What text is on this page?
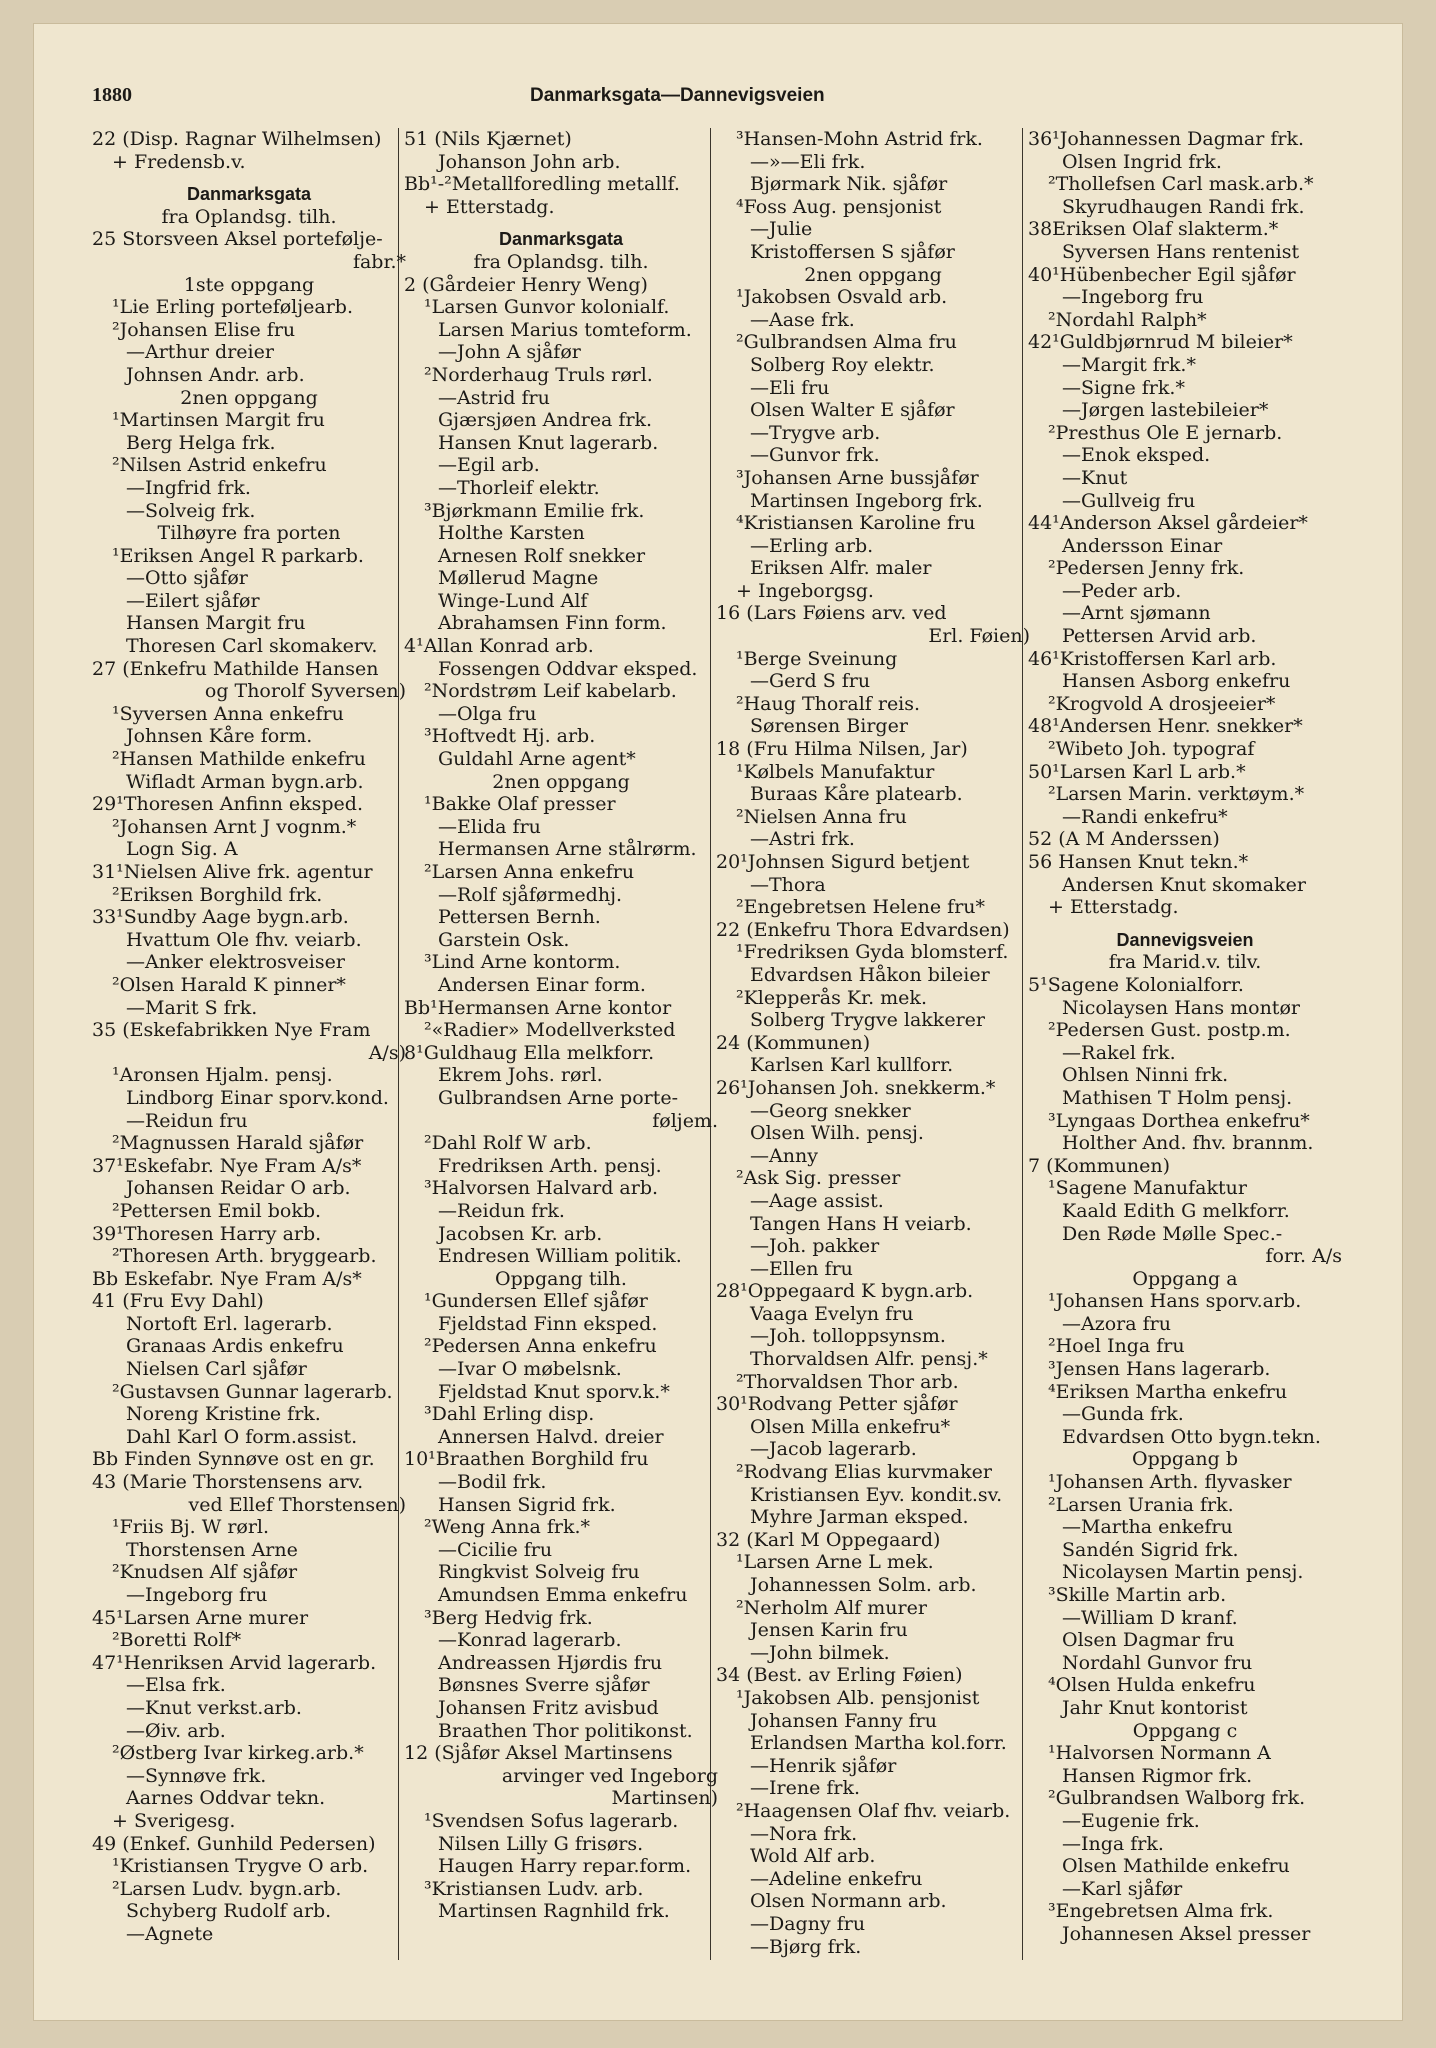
1880	Danmarksgata—Dannevigsveien
22 (Disp. Ragnar Wilhelmsen)
+ Fredensb.v.
Danmarksgata
fra Oplandsg. tilh.
25 Storsveen Aksel portefølje-
fabr.*
1ste oppgang
¹Lie Erling porteføljearb.
²Johansen Elise fru
—Arthur dreier
Johnsen Andr. arb.
2nen oppgang
¹Martinsen Margit fru
Berg Helga frk.
²Nilsen Astrid enkefru
—Ingfrid frk.
—Solveig frk.
Tilhøyre fra porten
¹Eriksen Angel R parkarb.
—Otto sjåfør
—Eilert sjåfør
Hansen Margit fru
Thoresen Carl skomakerv.
27 (Enkefru Mathilde Hansen
og Thorolf Syversen)
¹Syversen Anna enkefru
Johnsen Kåre form.
²Hansen Mathilde enkefru
Wifladt Arman bygn.arb.
29¹Thoresen Anfinn eksped.
²Johansen Arnt J vognm.*
Logn Sig. A
31¹Nielsen Alive frk. agentur
²Eriksen Borghild frk.
33¹Sundby Aage bygn.arb.
Hvattum Ole fhv. veiarb.
—Anker elektrosveiser
²Olsen Harald K pinner*
—Marit S frk.
35 (Eskefabrikken Nye Fram
A/s)
¹Aronsen Hjalm. pensj.
Lindborg Einar sporv.kond.
—Reidun fru
²Magnussen Harald sjåfør
37¹Eskefabr. Nye Fram A/s*
Johansen Reidar O arb.
²Pettersen Emil bokb.
39¹Thoresen Harry arb.
²Thoresen Arth. bryggearb.
Bb Eskefabr. Nye Fram A/s*
41 (Fru Evy Dahl)
Nortoft Erl. lagerarb.
Granaas Ardis enkefru
Nielsen Carl sjåfør
²Gustavsen Gunnar lagerarb.
Noreng Kristine frk.
Dahl Karl O form.assist.
Bb Finden Synnøve ost en gr.
43 (Marie Thorstensens arv.
ved Ellef Thorstensen)
¹Friis Bj. W rørl.
Thorstensen Arne
²Knudsen Alf sjåfør
—Ingeborg fru
45¹Larsen Arne murer
²Boretti Rolf*
47¹Henriksen Arvid lagerarb.
—Elsa frk.
—Knut verkst.arb.
—Øiv. arb.
²Østberg Ivar kirkeg.arb.*
—Synnøve frk.
Aarnes Oddvar tekn.
+ Sverigesg.
49 (Enkef. Gunhild Pedersen)
¹Kristiansen Trygve O arb.
²Larsen Ludv. bygn.arb.
Schyberg Rudolf arb.
—Agnete
51 (Nils Kjærnet)
Johanson John arb.
Bb¹-²Metallforedling metallf.
+ Etterstadg.
Danmarksgata
fra Oplandsg. tilh.
2 (Gårdeier Henry Weng)
¹Larsen Gunvor kolonialf.
Larsen Marius tomteform.
—John A sjåfør
²Norderhaug Truls rørl.
—Astrid fru
Gjærsjøen Andrea frk.
Hansen Knut lagerarb.
—Egil arb.
—Thorleif elektr.
³Bjørkmann Emilie frk.
Holthe Karsten
Arnesen Rolf snekker
Møllerud Magne
Winge-Lund Alf
Abrahamsen Finn form.
4¹Allan Konrad arb.
Fossengen Oddvar eksped.
²Nordstrøm Leif kabelarb.
—Olga fru
³Hoftvedt Hj. arb.
Guldahl Arne agent*
2nen oppgang
¹Bakke Olaf presser
—Elida fru
Hermansen Arne stålrørm.
²Larsen Anna enkefru
—Rolf sjåførmedhj.
Pettersen Bernh.
Garstein Osk.
³Lind Arne kontorm.
Andersen Einar form.
Bb¹Hermansen Arne kontor
²«Radier» Modellverksted
8¹Guldhaug Ella melkforr.
Ekrem Johs. rørl.
Gulbrandsen Arne porte-
føljem.
²Dahl Rolf W arb.
Fredriksen Arth. pensj.
³Halvorsen Halvard arb.
—Reidun frk.
Jacobsen Kr. arb.
Endresen William politik.
Oppgang tilh.
¹Gundersen Ellef sjåfør
Fjeldstad Finn eksped.
²Pedersen Anna enkefru
—Ivar O møbelsnk.
Fjeldstad Knut sporv.k.*
³Dahl Erling disp.
Annersen Halvd. dreier
10¹Braathen Borghild fru
—Bodil frk.
Hansen Sigrid frk.
²Weng Anna frk.*
—Cicilie fru
Ringkvist Solveig fru
Amundsen Emma enkefru
³Berg Hedvig frk.
—Konrad lagerarb.
Andreassen Hjørdis fru
Bønsnes Sverre sjåfør
Johansen Fritz avisbud
Braathen Thor politikonst.
12 (Sjåfør Aksel Martinsens
arvinger ved Ingeborg
Martinsen)
¹Svendsen Sofus lagerarb.
Nilsen Lilly G frisørs.
Haugen Harry repar.form.
³Kristiansen Ludv. arb.
Martinsen Ragnhild frk.
³Hansen-Mohn Astrid frk.
—»—Eli frk.
Bjørmark Nik. sjåfør
⁴Foss Aug. pensjonist
—Julie
Kristoffersen S sjåfør
2nen oppgang
¹Jakobsen Osvald arb.
—Aase frk.
²Gulbrandsen Alma fru
Solberg Roy elektr.
—Eli fru
Olsen Walter E sjåfør
—Trygve arb.
—Gunvor frk.
³Johansen Arne bussjåfør
Martinsen Ingeborg frk.
⁴Kristiansen Karoline fru
—Erling arb.
Eriksen Alfr. maler
+ Ingeborgsg.
16 (Lars Føiens arv. ved
Erl. Føien)
¹Berge Sveinung
—Gerd S fru
²Haug Thoralf reis.
Sørensen Birger
18 (Fru Hilma Nilsen, Jar)
¹Kølbels Manufaktur
Buraas Kåre platearb.
²Nielsen Anna fru
—Astri frk.
20¹Johnsen Sigurd betjent
—Thora
²Engebretsen Helene fru*
22 (Enkefru Thora Edvardsen)
¹Fredriksen Gyda blomsterf.
Edvardsen Håkon bileier
²Klepperås Kr. mek.
Solberg Trygve lakkerer
24 (Kommunen)
Karlsen Karl kullforr.
26¹Johansen Joh. snekkerm.*
—Georg snekker
Olsen Wilh. pensj.
—Anny
²Ask Sig. presser
—Aage assist.
Tangen Hans H veiarb.
—Joh. pakker
—Ellen fru
28¹Oppegaard K bygn.arb.
Vaaga Evelyn fru
—Joh. tolloppsynsm.
Thorvaldsen Alfr. pensj.*
²Thorvaldsen Thor arb.
30¹Rodvang Petter sjåfør
Olsen Milla enkefru*
—Jacob lagerarb.
²Rodvang Elias kurvmaker
Kristiansen Eyv. kondit.sv.
Myhre Jarman eksped.
32 (Karl M Oppegaard)
¹Larsen Arne L mek.
Johannessen Solm. arb.
²Nerholm Alf murer
Jensen Karin fru
—John bilmek.
34 (Best. av Erling Føien)
¹Jakobsen Alb. pensjonist
Johansen Fanny fru
Erlandsen Martha kol.forr.
—Henrik sjåfør
—Irene frk.
²Haagensen Olaf fhv. veiarb.
—Nora frk.
Wold Alf arb.
—Adeline enkefru
Olsen Normann arb.
—Dagny fru
—Bjørg frk.
36¹Johannessen Dagmar frk.
Olsen Ingrid frk.
²Thollefsen Carl mask.arb.*
Skyrudhaugen Randi frk.
38Eriksen Olaf slakterm.*
Syversen Hans rentenist
40¹Hübenbecher Egil sjåfør
—Ingeborg fru
²Nordahl Ralph*
42¹Guldbjørnrud M bileier*
—Margit frk.*
—Signe frk.*
—Jørgen lastebileier*
²Presthus Ole E jernarb.
—Enok eksped.
—Knut
—Gullveig fru
44¹Anderson Aksel gårdeier*
Andersson Einar
²Pedersen Jenny frk.
—Peder arb.
—Arnt sjømann
Pettersen Arvid arb.
46¹Kristoffersen Karl arb.
Hansen Asborg enkefru
²Krogvold A drosjeeier*
48¹Andersen Henr. snekker*
²Wibeto Joh. typograf
50¹Larsen Karl L arb.*
²Larsen Marin. verktøym.*
—Randi enkefru*
52 (A M Anderssen)
56 Hansen Knut tekn.*
Andersen Knut skomaker
+ Etterstadg.
Dannevigsveien
fra Marid.v. tilv.
5¹Sagene Kolonialforr.
Nicolaysen Hans montør
²Pedersen Gust. postp.m.
—Rakel frk.
Ohlsen Ninni frk.
Mathisen T Holm pensj.
³Lyngaas Dorthea enkefru*
Holther And. fhv. brannm.
7 (Kommunen)
¹Sagene Manufaktur
Kaald Edith G melkforr.
Den Røde Mølle Spec.-
forr. A/s
Oppgang a
¹Johansen Hans sporv.arb.
—Azora fru
²Hoel Inga fru
³Jensen Hans lagerarb.
⁴Eriksen Martha enkefru
—Gunda frk.
Edvardsen Otto bygn.tekn.
Oppgang b
¹Johansen Arth. flyvasker
²Larsen Urania frk.
—Martha enkefru
Sandén Sigrid frk.
Nicolaysen Martin pensj.
³Skille Martin arb.
—William D kranf.
Olsen Dagmar fru
Nordahl Gunvor fru
⁴Olsen Hulda enkefru
Jahr Knut kontorist
Oppgang c
¹Halvorsen Normann A
Hansen Rigmor frk.
²Gulbrandsen Walborg frk.
—Eugenie frk.
—Inga frk.
Olsen Mathilde enkefru
—Karl sjåfør
³Engebretsen Alma frk.
Johannesen Aksel presser
